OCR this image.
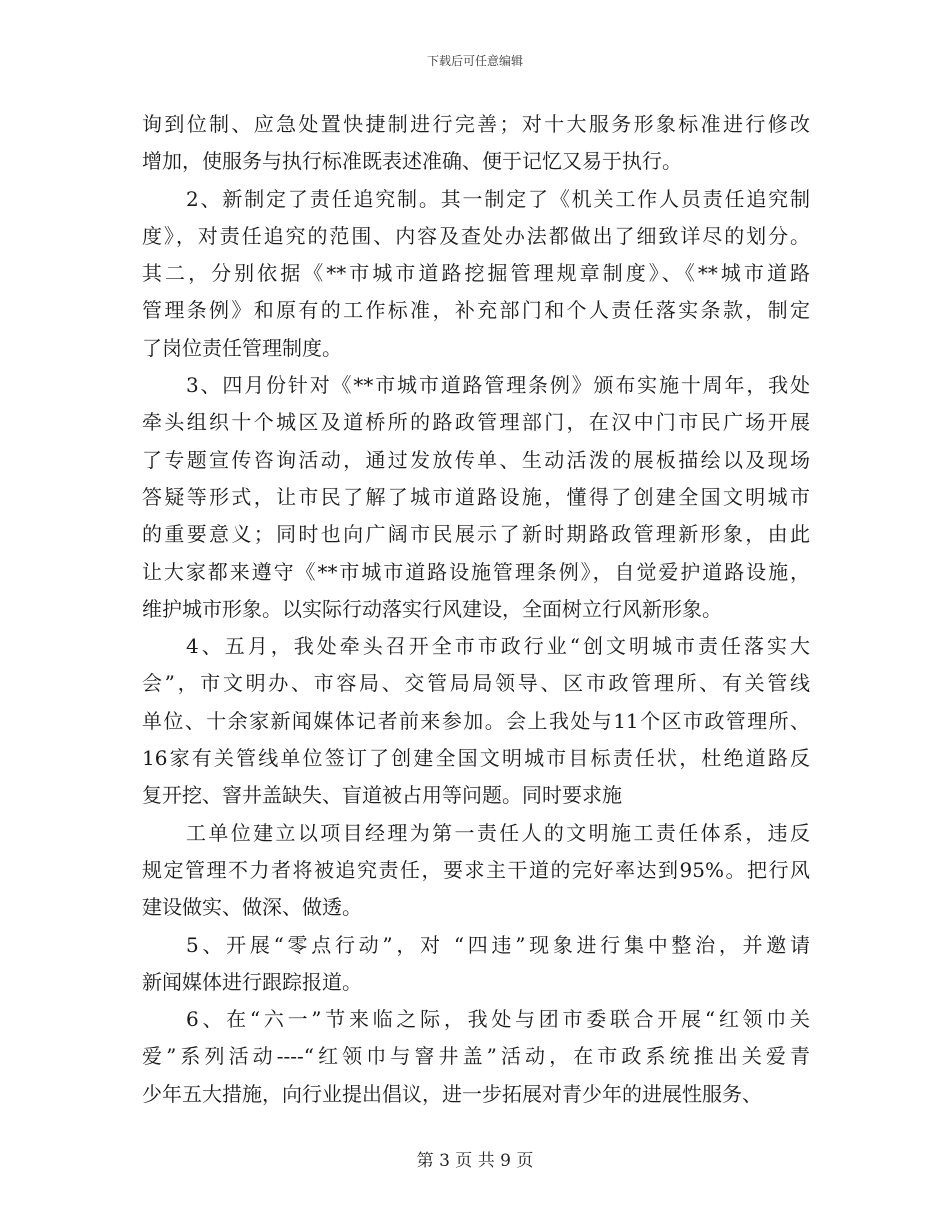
下载后可任意编辑
询到位制、应急处置快捷制进行完善；对十大服务形象标准进行修改
增加，使服务与执行标准既表述准确、便于记忆又易于执行。
2、新制定了责任追究制。其一制定了《机关工作人员责任追究制
度》，对责任追究的范围、内容及查处办法都做出了细致详尽的划分。
其二，分别依据《**市城市道路挖掘管理规章制度》、《**城市道路
管理条例》和原有的工作标准，补充部门和个人责任落实条款，制定
了岗位责任管理制度。
3、四月份针对《**市城市道路管理条例》颁布实施十周年，我处
牵头组织十个城区及道桥所的路政管理部门，在汉中门市民广场开展
了专题宣传咨询活动，通过发放传单、生动活泼的展板描绘以及现场
答疑等形式，让市民了解了城市道路设施，懂得了创建全国文明城市
的重要意义；同时也向广阔市民展示了新时期路政管理新形象，由此
让大家都来遵守《**市城市道路设施管理条例》，自觉爱护道路设施，
维护城市形象。以实际行动落实行风建设，全面树立行风新形象。
4、五月，我处牵头召开全市市政行业“创文明城市责任落实大
会”，市文明办、市容局、交管局局领导、区市政管理所、有关管线
单位、十余家新闻媒体记者前来参加。会上我处与11个区市政管理所、
16家有关管线单位签订了创建全国文明城市目标责任状，杜绝道路反
复开挖、窨井盖缺失、盲道被占用等问题。同时要求施
工单位建立以项目经理为第一责任人的文明施工责任体系，违反
规定管理不力者将被追究责任，要求主干道的完好率达到95%。把行风
建设做实、做深、做透。
5、开展“零点行动”，对 “四违”现象进行集中整治，并邀请
新闻媒体进行跟踪报道。
6、在“六一”节来临之际，我处与团市委联合开展“红领巾关
爱”系列活动----“红领巾与窨井盖”活动，在市政系统推出关爱青
少年五大措施，向行业提出倡议，进一步拓展对青少年的进展性服务、
第 3 页 共 9 页
